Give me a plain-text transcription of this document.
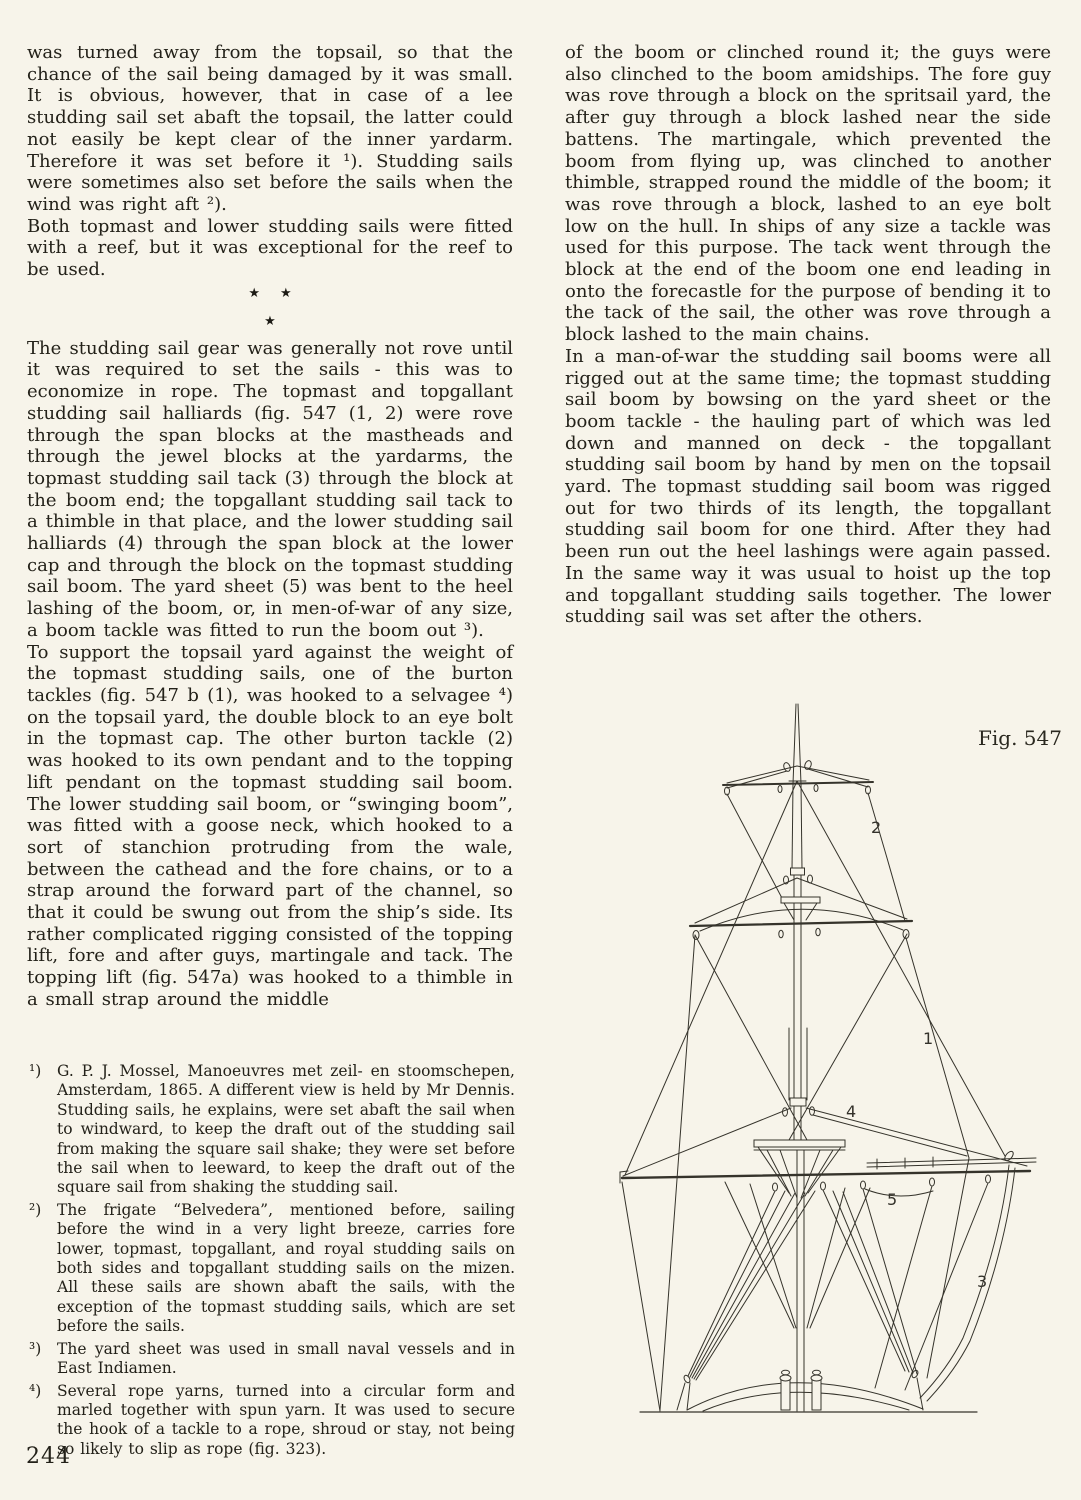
was turned away from the topsail, so that the chance of the sail being damaged by it was small. It is obvious, however, that in case of a lee studding sail set abaft the topsail, the latter could not easily be kept clear of the inner yardarm. Therefore it was set before it ¹). Studding sails were sometimes also set before the sails when the wind was right aft ²).

Both topmast and lower studding sails were fitted with a reef, but it was exceptional for the reef to be used.

★ ★
★

The studding sail gear was generally not rove until it was required to set the sails - this was to economize in rope. The topmast and topgallant studding sail halliards (fig. 547 (1, 2) were rove through the span blocks at the mastheads and through the jewel blocks at the yardarms, the topmast studding sail tack (3) through the block at the boom end; the topgallant studding sail tack to a thimble in that place, and the lower studding sail halliards (4) through the span block at the lower cap and through the block on the topmast studding sail boom. The yard sheet (5) was bent to the heel lashing of the boom, or, in men-of-war of any size, a boom tackle was fitted to run the boom out ³).

To support the topsail yard against the weight of the topmast studding sails, one of the burton tackles (fig. 547 b (1), was hooked to a selvagee ⁴) on the topsail yard, the double block to an eye bolt in the topmast cap. The other burton tackle (2) was hooked to its own pendant and to the topping lift pendant on the topmast studding sail boom. The lower studding sail boom, or “swinging boom”, was fitted with a goose neck, which hooked to a sort of stanchion protruding from the wale, between the cathead and the fore chains, or to a strap around the forward part of the channel, so that it could be swung out from the ship’s side. Its rather complicated rigging consisted of the topping lift, fore and after guys, martingale and tack. The topping lift (fig. 547a) was hooked to a thimble in a small strap around the middle

¹) G. P. J. Mossel, Manoeuvres met zeil- en stoomschepen, Amsterdam, 1865. A different view is held by Mr Dennis. Studding sails, he explains, were set abaft the sail when to windward, to keep the draft out of the studding sail from making the square sail shake; they were set before the sail when to leeward, to keep the draft out of the square sail from shaking the studding sail.
²) The frigate “Belvedera”, mentioned before, sailing before the wind in a very light breeze, carries fore lower, topmast, topgallant, and royal studding sails on both sides and topgallant studding sails on the mizen. All these sails are shown abaft the sails, with the exception of the topmast studding sails, which are set before the sails.
³) The yard sheet was used in small naval vessels and in East Indiamen.
⁴) Several rope yarns, turned into a circular form and marled together with spun yarn. It was used to secure the hook of a tackle to a rope, shroud or stay, not being so likely to slip as rope (fig. 323).

of the boom or clinched round it; the guys were also clinched to the boom amidships. The fore guy was rove through a block on the spritsail yard, the after guy through a block lashed near the side battens. The martingale, which prevented the boom from flying up, was clinched to another thimble, strapped round the middle of the boom; it was rove through a block, lashed to an eye bolt low on the hull. In ships of any size a tackle was used for this purpose. The tack went through the block at the end of the boom one end leading in onto the forecastle for the purpose of bending it to the tack of the sail, the other was rove through a block lashed to the main chains.

In a man-of-war the studding sail booms were all rigged out at the same time; the topmast studding sail boom by bowsing on the yard sheet or the boom tackle - the hauling part of which was led down and manned on deck - the topgallant studding sail boom by hand by men on the topsail yard. The topmast studding sail boom was rigged out for two thirds of its length, the topgallant studding sail boom for one third. After they had been run out the heel lashings were again passed. In the same way it was usual to hoist up the top and topgallant studding sails together. The lower studding sail was set after the others.

Fig. 547
2
1
4
5
3
244
